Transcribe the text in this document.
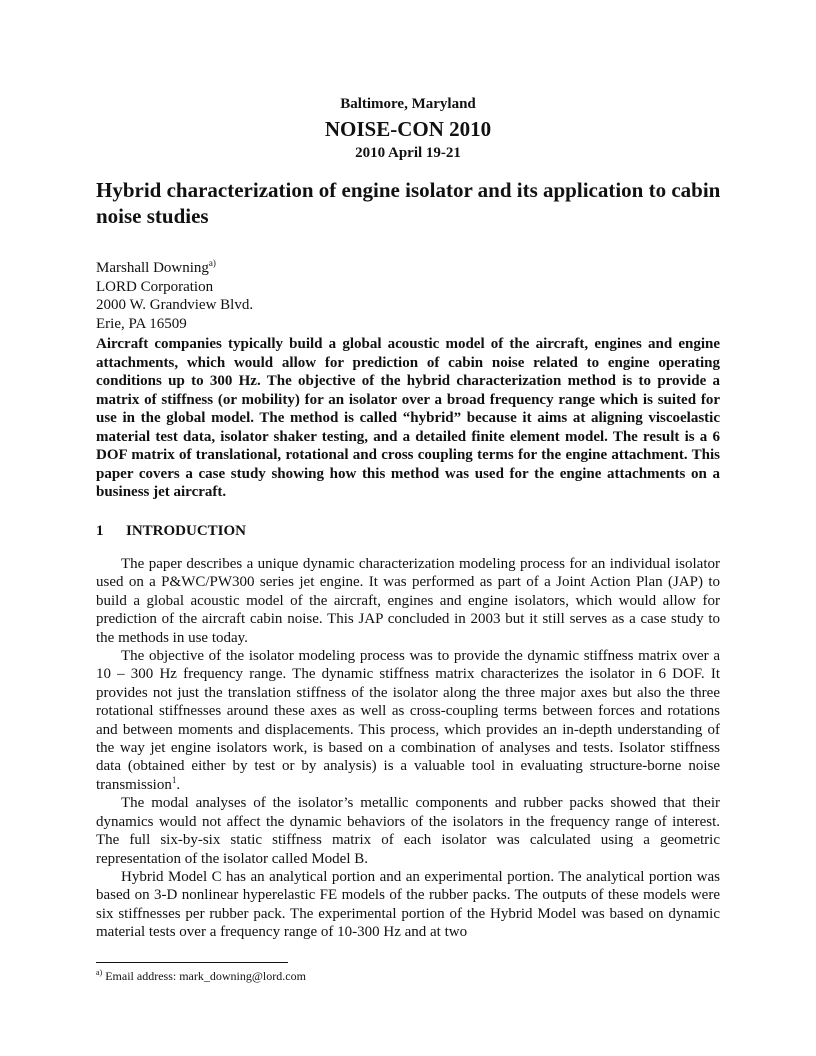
Baltimore, Maryland
NOISE-CON 2010
2010 April 19-21
Hybrid characterization of engine isolator and its application to cabin noise studies
Marshall Downing$^{a)}$
LORD Corporation
2000 W. Grandview Blvd.
Erie, PA 16509
Aircraft companies typically build a global acoustic model of the aircraft, engines and engine attachments, which would allow for prediction of cabin noise related to engine operating conditions up to 300 Hz. The objective of the hybrid characterization method is to provide a matrix of stiffness (or mobility) for an isolator over a broad frequency range which is suited for use in the global model. The method is called “hybrid” because it aims at aligning viscoelastic material test data, isolator shaker testing, and a detailed finite element model. The result is a 6 DOF matrix of translational, rotational and cross coupling terms for the engine attachment. This paper covers a case study showing how this method was used for the engine attachments on a business jet aircraft.
1 INTRODUCTION

The paper describes a unique dynamic characterization modeling process for an individual isolator used on a P&WC/PW300 series jet engine. It was performed as part of a Joint Action Plan (JAP) to build a global acoustic model of the aircraft, engines and engine isolators, which would allow for prediction of the aircraft cabin noise. This JAP concluded in 2003 but it still serves as a case study to the methods in use today.

The objective of the isolator modeling process was to provide the dynamic stiffness matrix over a 10 – 300 Hz frequency range. The dynamic stiffness matrix characterizes the isolator in 6 DOF. It provides not just the translation stiffness of the isolator along the three major axes but also the three rotational stiffnesses around these axes as well as cross-coupling terms between forces and rotations and between moments and displacements. This process, which provides an in-depth understanding of the way jet engine isolators work, is based on a combination of analyses and tests. Isolator stiffness data (obtained either by test or by analysis) is a valuable tool in evaluating structure-borne noise transmission$^1$.

The modal analyses of the isolator’s metallic components and rubber packs showed that their dynamics would not affect the dynamic behaviors of the isolators in the frequency range of interest. The full six-by-six static stiffness matrix of each isolator was calculated using a geometric representation of the isolator called Model B.

Hybrid Model C has an analytical portion and an experimental portion. The analytical portion was based on 3-D nonlinear hyperelastic FE models of the rubber packs. The outputs of these models were six stiffnesses per rubber pack. The experimental portion of the Hybrid Model was based on dynamic material tests over a frequency range of 10-300 Hz and at two

$^{a)}$ Email address: mark_downing@lord.com
